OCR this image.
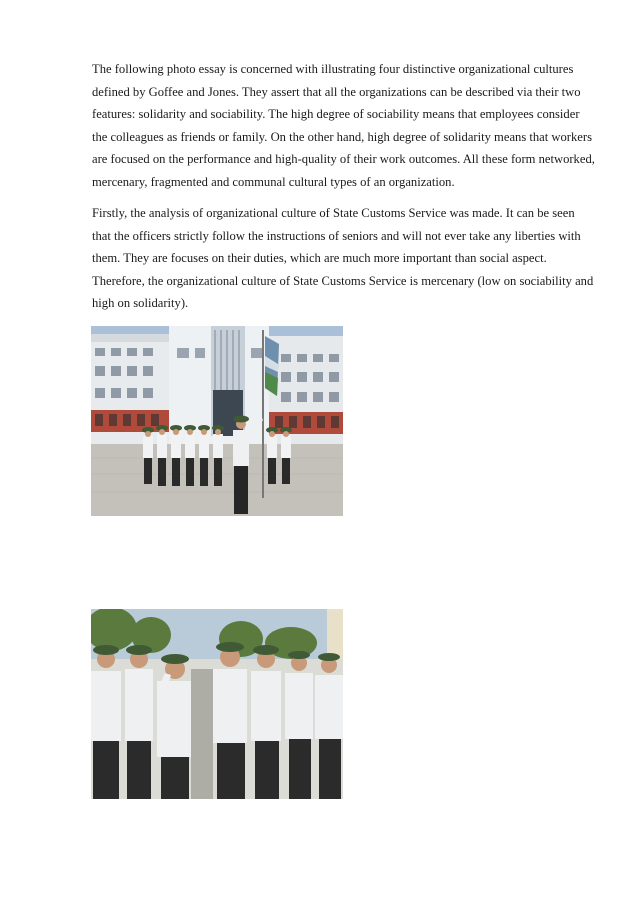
The following photo essay is concerned with illustrating four distinctive organizational cultures defined by Goffee and Jones. They assert that all the organizations can be described via their two features: solidarity and sociability. The high degree of sociability means that employees consider the colleagues as friends or family. On the other hand, high degree of solidarity means that workers are focused on the performance and high-quality of their work outcomes. All these form networked, mercenary, fragmented and communal cultural types of an organization.

Firstly, the analysis of organizational culture of State Customs Service was made. It can be seen that the officers strictly follow the instructions of seniors and will not ever take any liberties with them. They are focuses on their duties, which are much more important than social aspect. Therefore, the organizational culture of State Customs Service is mercenary (low on sociability and high on solidarity).
